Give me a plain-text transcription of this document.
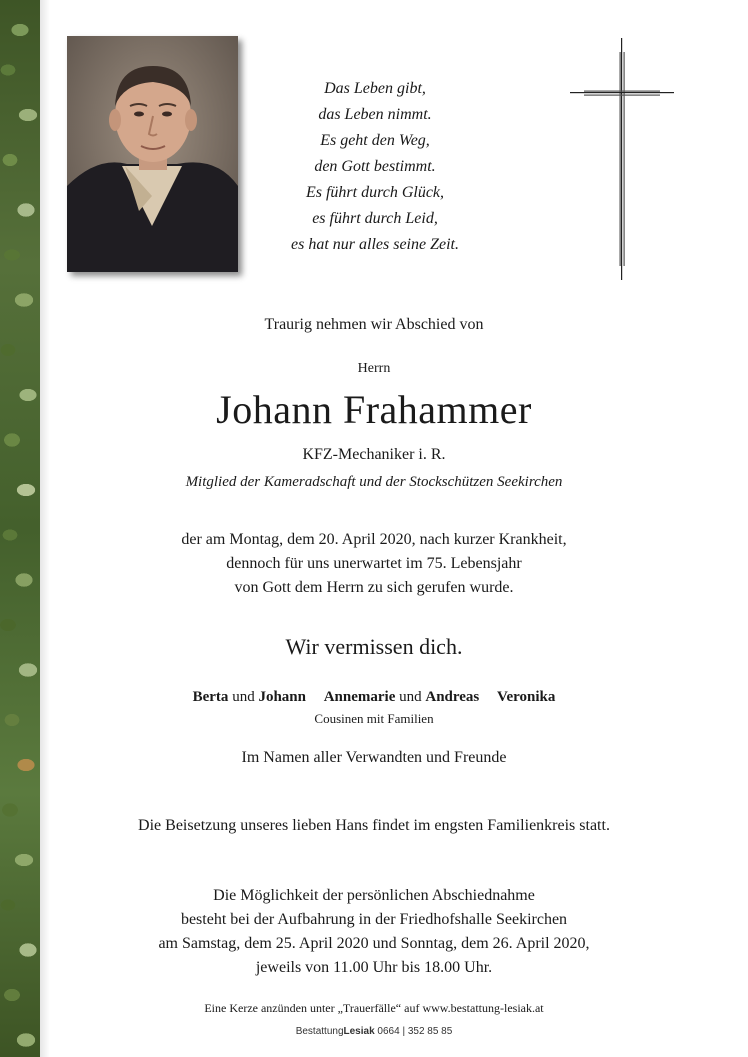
Das Leben gibt,
das Leben nimmt.
Es geht den Weg,
den Gott bestimmt.
Es führt durch Glück,
es führt durch Leid,
es hat nur alles seine Zeit.
Traurig nehmen wir Abschied von
Herrn
Johann Frahammer
KFZ-Mechaniker i. R.
Mitglied der Kameradschaft und der Stockschützen Seekirchen
der am Montag, dem 20. April 2020, nach kurzer Krankheit,
dennoch für uns unerwartet im 75. Lebensjahr
von Gott dem Herrn zu sich gerufen wurde.
Wir vermissen dich.
Berta und Johann Annemarie und Andreas Veronika
Cousinen mit Familien
Im Namen aller Verwandten und Freunde
Die Beisetzung unseres lieben Hans findet im engsten Familienkreis statt.
Die Möglichkeit der persönlichen Abschiednahme
besteht bei der Aufbahrung in der Friedhofshalle Seekirchen
am Samstag, dem 25. April 2020 und Sonntag, dem 26. April 2020,
jeweils von 11.00 Uhr bis 18.00 Uhr.
Eine Kerze anzünden unter „Trauerfälle“ auf www.bestattung-lesiak.at
BestattungLesiak 0664 | 352 85 85
